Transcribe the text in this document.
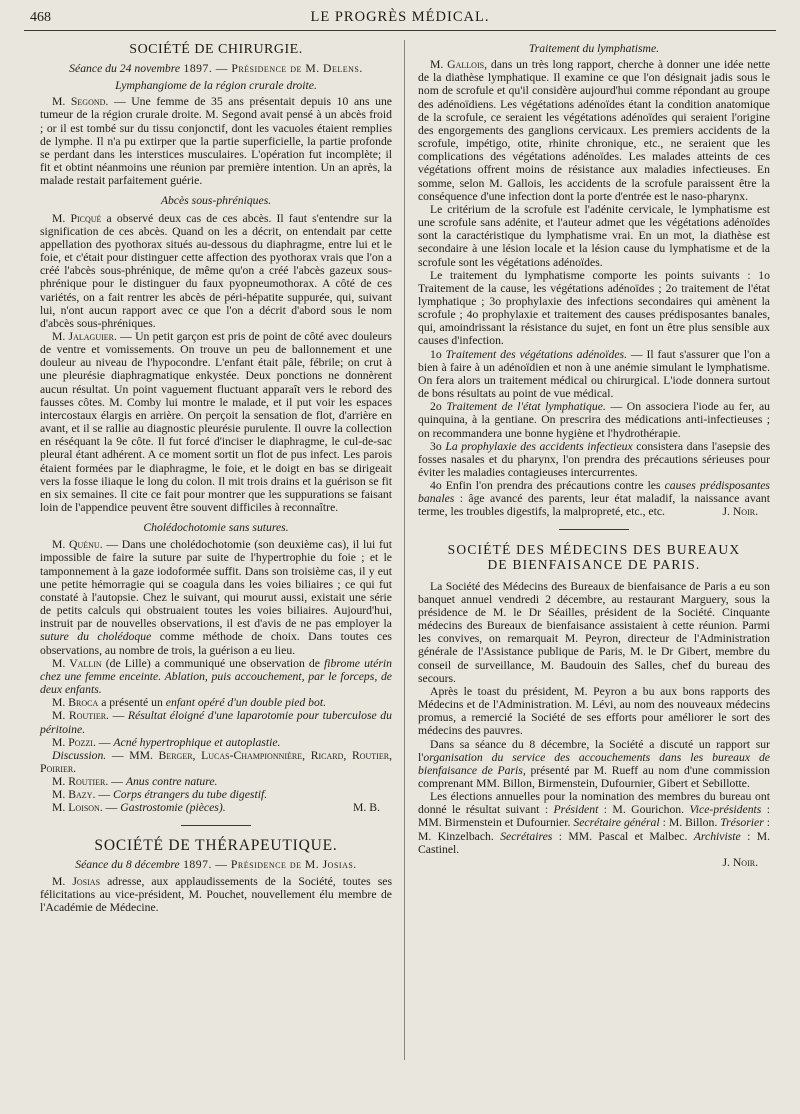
468	LE PROGRÈS MÉDICAL.
SOCIÉTÉ DE CHIRURGIE.
Séance du 24 novembre 1897. — Présidence de M. Delens.
Lymphangiome de la région crurale droite.

M. Segond. — Une femme de 35 ans présentait depuis 10 ans une tumeur de la région crurale droite. M. Segond avait pensé à un abcès froid ; or il est tombé sur du tissu conjonctif, dont les vacuoles étaient remplies de lymphe. Il n'a pu extirper que la partie superficielle, la partie profonde se perdant dans les interstices musculaires. L'opération fut incomplète; il fit et obtint néanmoins une réunion par première intention. Un an après, la malade restait parfaitement guérie.

Abcès sous-phréniques.

M. Picqué a observé deux cas de ces abcès. Il faut s'entendre sur la signification de ces abcès. Quand on les a décrit, on entendait par cette appellation des pyothorax situés au-dessous du diaphragme, entre lui et le foie, et c'était pour distinguer cette affection des pyothorax vrais que l'on a créé l'abcès sous-phrénique, de même qu'on a créé l'abcès gazeux sous-phrénique pour le distinguer du faux pyopneumothorax. A côté de ces variétés, on a fait rentrer les abcès de péri-hépatite suppurée, qui, suivant lui, n'ont aucun rapport avec ce que l'on a décrit d'abord sous le nom d'abcès sous-phréniques.

M. Jalaguier. — Un petit garçon est pris de point de côté avec douleurs de ventre et vomissements. On trouve un peu de ballonnement et une douleur au niveau de l'hypocondre. L'enfant était pâle, fébrile; on crut à une pleurésie diaphragmatique enkystée. Deux ponctions ne donnèrent aucun résultat. Un point vaguement fluctuant apparaît vers le rebord des fausses côtes. M. Comby lui montre le malade, et il put voir les espaces intercostaux élargis en arrière. On perçoit la sensation de flot, d'arrière en avant, et il se rallie au diagnostic pleurésie purulente. Il ouvre la collection en réséquant la 9e côte. Il fut forcé d'inciser le diaphragme, le cul-de-sac pleural étant adhérent. A ce moment sortit un flot de pus infect. Les parois étaient formées par le diaphragme, le foie, et le doigt en bas se dirigeait vers la fosse iliaque le long du colon. Il mit trois drains et la guérison se fit en six semaines. Il cite ce fait pour montrer que les suppurations se faisant loin de l'appendice peuvent être souvent difficiles à reconnaître.

Cholédochotomie sans sutures.

M. Quénu. — Dans une cholédochotomie (son deuxième cas), il lui fut impossible de faire la suture par suite de l'hypertrophie du foie ; et le tamponnement à la gaze iodoformée suffit. Dans son troisième cas, il y eut une petite hémorragie qui se coagula dans les voies biliaires ; ce qui fut constaté à l'autopsie. Chez le suivant, qui mourut aussi, existait une série de petits calculs qui obstruaient toutes les voies biliaires. Aujourd'hui, instruit par de nouvelles observations, il est d'avis de ne pas employer la suture du cholédoque comme méthode de choix. Dans toutes ces observations, au nombre de trois, la guérison a eu lieu.

M. Vallin (de Lille) a communiqué une observation de fibrome utérin chez une femme enceinte. Ablation, puis accouchement, par le forceps, de deux enfants.

M. Broca a présenté un enfant opéré d'un double pied bot.

M. Routier. — Résultat éloigné d'une laparotomie pour tuberculose du péritoine.

M. Pozzi. — Acné hypertrophique et autoplastie.

Discussion. — MM. Berger, Lucas-Championnière, Ricard, Routier, Poirier.

M. Routier. — Anus contre nature.

M. Bazy. — Corps étrangers du tube digestif.

M. Loison. — Gastrostomie (pièces).	M. B.

SOCIÉTÉ DE THÉRAPEUTIQUE.
Séance du 8 décembre 1897. — Présidence de M. Josias.

M. Josias adresse, aux applaudissements de la Société, toutes ses félicitations au vice-président, M. Pouchet, nouvellement élu membre de l'Académie de Médecine.

Traitement du lymphatisme.

M. Gallois, dans un très long rapport, cherche à donner une idée nette de la diathèse lymphatique. Il examine ce que l'on désignait jadis sous le nom de scrofule et qu'il considère aujourd'hui comme répondant au groupe des adénoïdiens. Les végétations adénoïdes étant la condition anatomique de la scrofule, ce seraient les végétations adénoïdes qui seraient l'origine des engorgements des ganglions cervicaux. Les premiers accidents de la scrofule, impétigo, otite, rhinite chronique, etc., ne seraient que les complications des végétations adénoïdes. Les malades atteints de ces végétations offrent moins de résistance aux maladies infectieuses. En somme, selon M. Gallois, les accidents de la scrofule paraissent être la conséquence d'une infection dont la porte d'entrée est le naso-pharynx.

Le critérium de la scrofule est l'adénite cervicale, le lymphatisme est une scrofule sans adénite, et l'auteur admet que les végétations adénoïdes sont la caractéristique du lymphatisme vrai. En un mot, la diathèse est secondaire à une lésion locale et la lésion cause du lymphatisme et de la scrofule sont les végétations adénoïdes.

Le traitement du lymphatisme comporte les points suivants : 1o Traitement de la cause, les végétations adénoïdes ; 2o traitement de l'état lymphatique ; 3o prophylaxie des infections secondaires qui amènent la scrofule ; 4o prophylaxie et traitement des causes prédisposantes banales, qui, amoindrissant la résistance du sujet, en font un être plus sensible aux causes d'infection.

1o Traitement des végétations adénoïdes. — Il faut s'assurer que l'on a bien à faire à un adénoïdien et non à une anémie simulant le lymphatisme. On fera alors un traitement médical ou chirurgical. L'iode donnera surtout de bons résultats au point de vue médical.

2o Traitement de l'état lymphatique. — On associera l'iode au fer, au quinquina, à la gentiane. On prescrira des médications anti-infectieuses ; on recommandera une bonne hygiène et l'hydrothérapie.

3o La prophylaxie des accidents infectieux consistera dans l'asepsie des fosses nasales et du pharynx, l'on prendra des précautions sérieuses pour éviter les maladies contagieuses intercurrentes.

4o Enfin l'on prendra des précautions contre les causes prédisposantes banales : âge avancé des parents, leur état maladif, la naissance avant terme, les troubles digestifs, la malpropreté, etc., etc.	J. Noir.

SOCIÉTÉ DES MÉDECINS DES BUREAUX
DE BIENFAISANCE DE PARIS.

La Société des Médecins des Bureaux de bienfaisance de Paris a eu son banquet annuel vendredi 2 décembre, au restaurant Marguery, sous la présidence de M. le Dr Séailles, président de la Société. Cinquante médecins des Bureaux de bienfaisance assistaient à cette réunion. Parmi les convives, on remarquait M. Peyron, directeur de l'Administration générale de l'Assistance publique de Paris, M. le Dr Gibert, membre du conseil de surveillance, M. Baudouin des Salles, chef du bureau des secours.

Après le toast du président, M. Peyron a bu aux bons rapports des Médecins et de l'Administration. M. Lévi, au nom des nouveaux médecins promus, a remercié la Société de ses efforts pour améliorer le sort des médecins des pauvres.

Dans sa séance du 8 décembre, la Société a discuté un rapport sur l'organisation du service des accouchements dans les bureaux de bienfaisance de Paris, présenté par M. Rueff au nom d'une commission comprenant MM. Billon, Birmenstein, Dufournier, Gibert et Sebillotte.

Les élections annuelles pour la nomination des membres du bureau ont donné le résultat suivant : Président : M. Gourichon. Vice-présidents : MM. Birmenstein et Dufournier. Secrétaire général : M. Billon. Trésorier : M. Kinzelbach. Secrétaires : MM. Pascal et Malbec. Archiviste : M. Castinel.

J. Noir.
